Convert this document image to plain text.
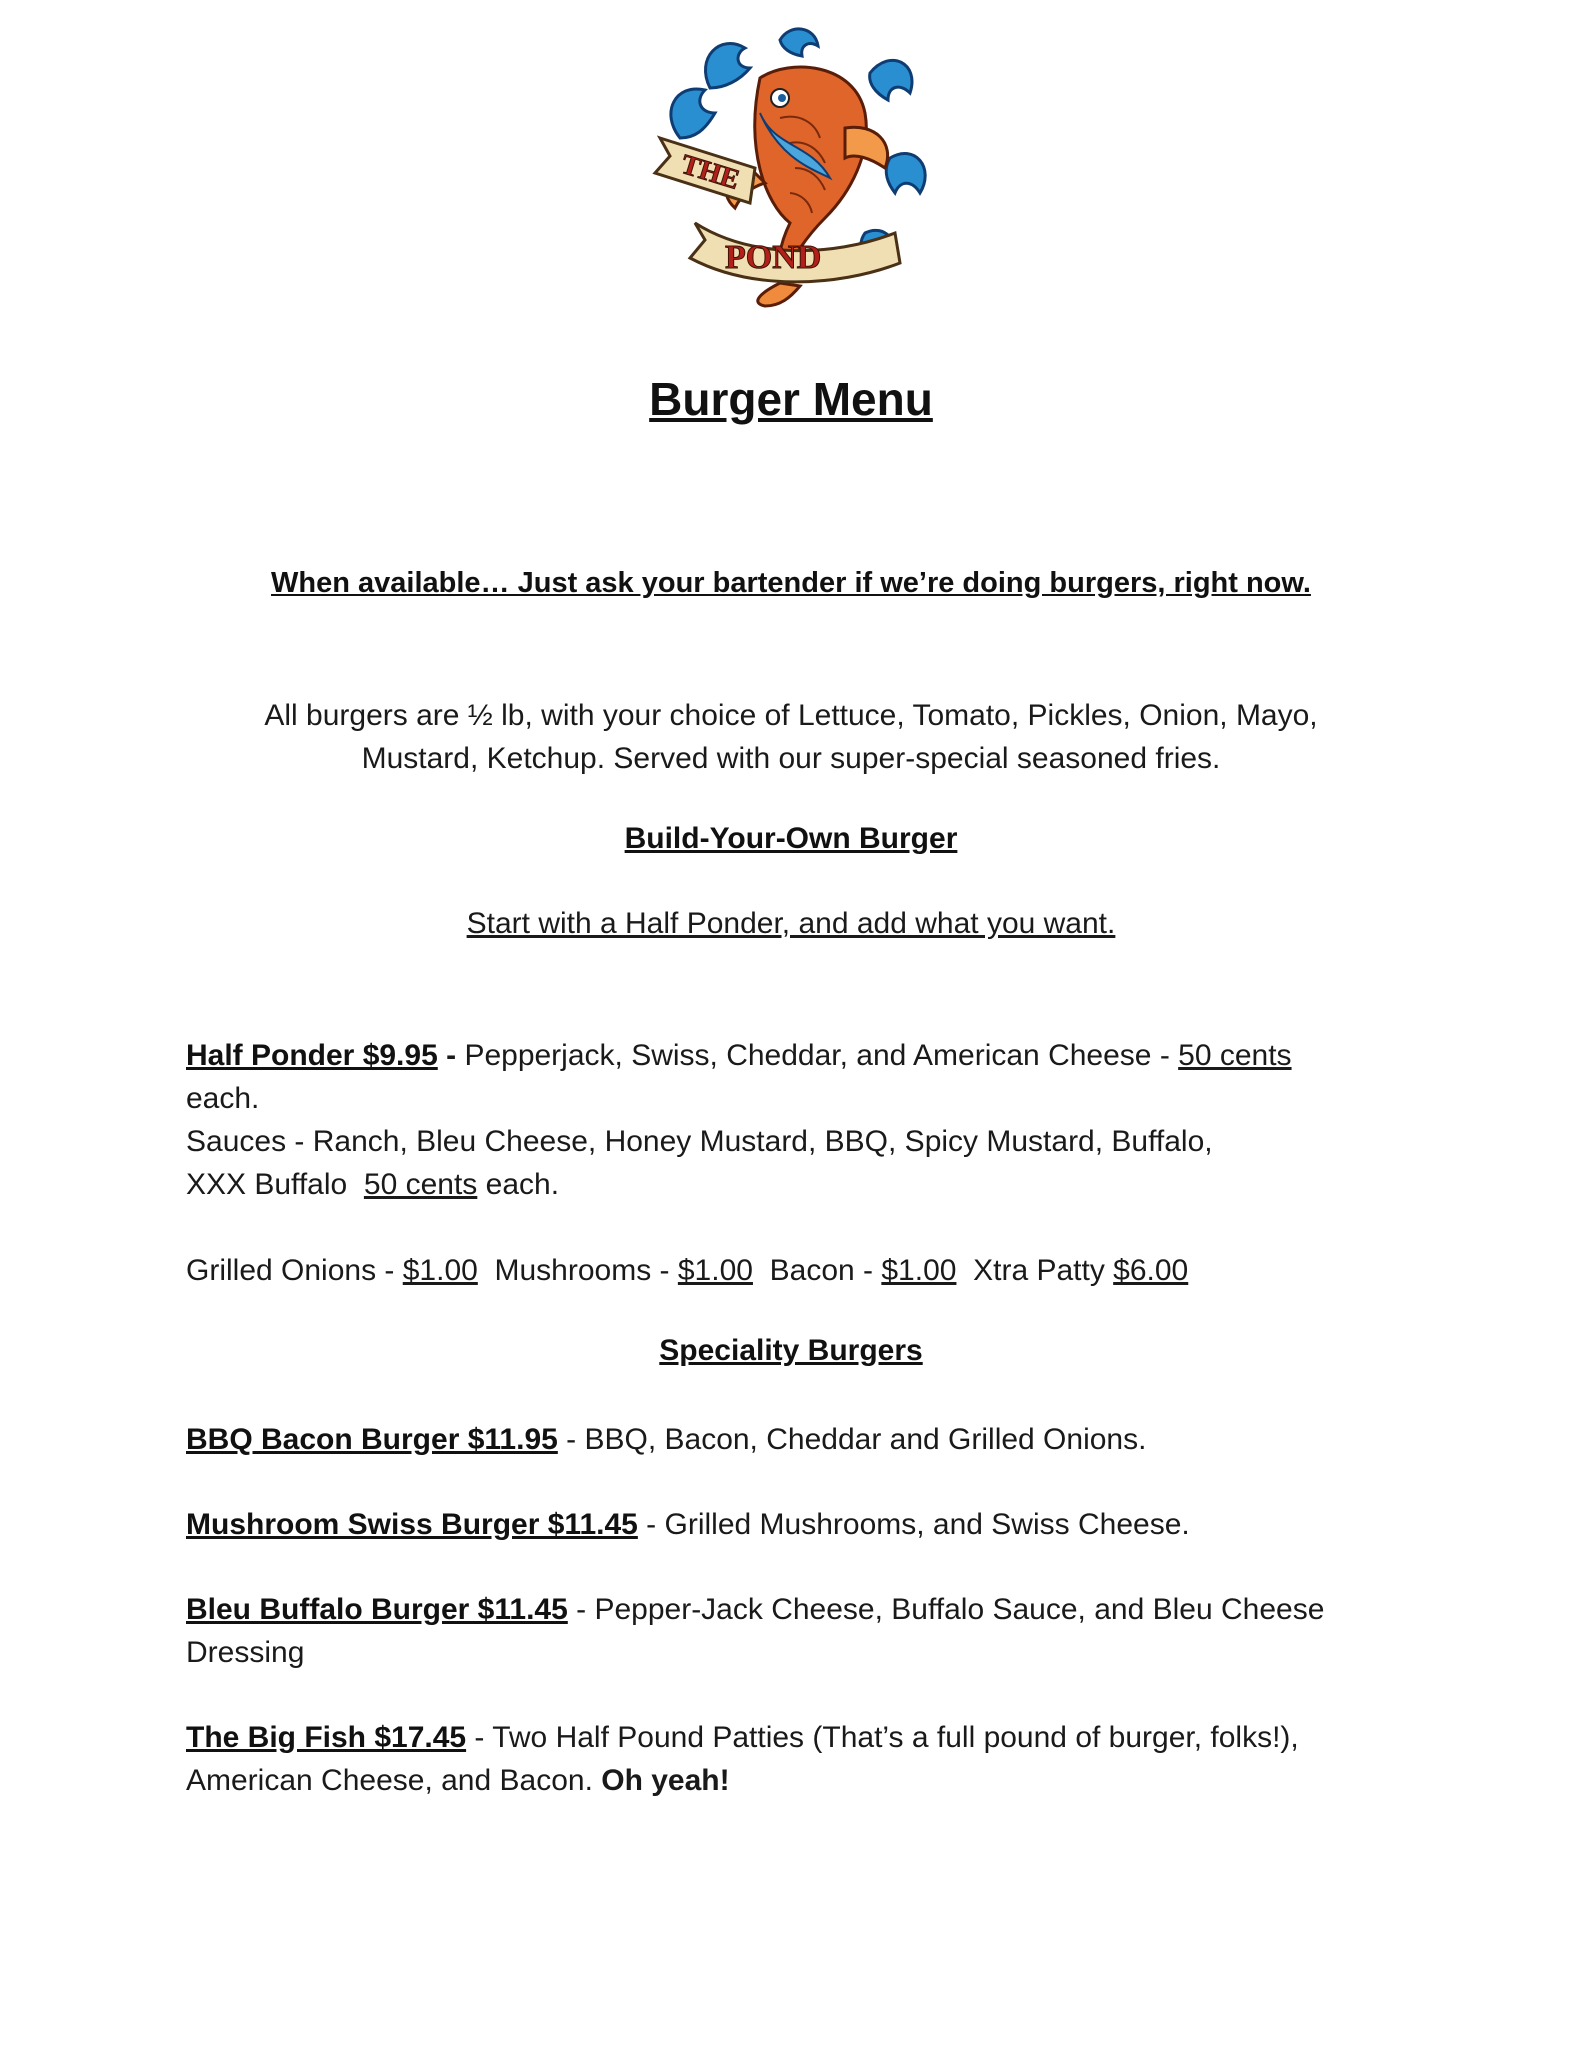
THE
POND
Burger Menu
When available… Just ask your bartender if we’re doing burgers, right now.
All burgers are ½ lb, with your choice of Lettuce, Tomato, Pickles, Onion, Mayo,
Mustard, Ketchup. Served with our super-special seasoned fries.
Build-Your-Own Burger
Start with a Half Ponder, and add what you want.
Half Ponder $9.95 - Pepperjack, Swiss, Cheddar, and American Cheese - 50 cents
each.
Sauces - Ranch, Bleu Cheese, Honey Mustard, BBQ, Spicy Mustard, Buffalo,
XXX Buffalo  50 cents each.

Grilled Onions - $1.00  Mushrooms - $1.00  Bacon - $1.00  Xtra Patty $6.00
Speciality Burgers
BBQ Bacon Burger $11.95 - BBQ, Bacon, Cheddar and Grilled Onions.
Mushroom Swiss Burger $11.45 - Grilled Mushrooms, and Swiss Cheese.
Bleu Buffalo Burger $11.45 - Pepper-Jack Cheese, Buffalo Sauce, and Bleu Cheese Dressing
The Big Fish $17.45 - Two Half Pound Patties (That’s a full pound of burger, folks!), American Cheese, and Bacon. Oh yeah!
